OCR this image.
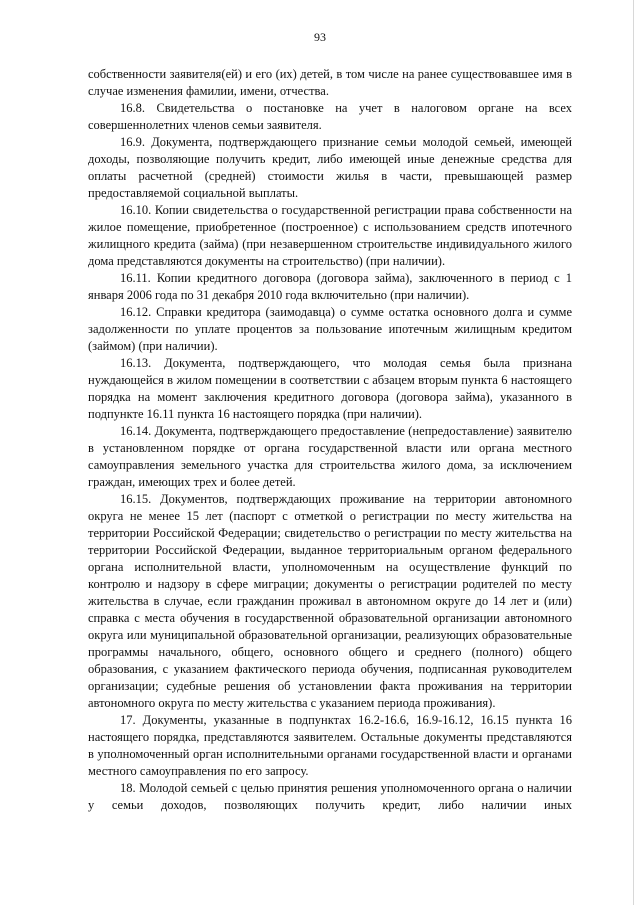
93

собственности заявителя(ей) и его (их) детей, в том числе на ранее существовавшее имя в случае изменения фамилии, имени, отчества.

16.8. Свидетельства о постановке на учет в налоговом органе на всех совершеннолетних членов семьи заявителя.

16.9. Документа, подтверждающего признание семьи молодой семьей, имеющей доходы, позволяющие получить кредит, либо имеющей иные денежные средства для оплаты расчетной (средней) стоимости жилья в части, превышающей размер предоставляемой социальной выплаты.

16.10. Копии свидетельства о государственной регистрации права собственности на жилое помещение, приобретенное (построенное) с использованием средств ипотечного жилищного кредита (займа) (при незавершенном строительстве индивидуального жилого дома представляются документы на строительство) (при наличии).

16.11. Копии кредитного договора (договора займа), заключенного в период с 1 января 2006 года по 31 декабря 2010 года включительно (при наличии).

16.12. Справки кредитора (заимодавца) о сумме остатка основного долга и сумме задолженности по уплате процентов за пользование ипотечным жилищным кредитом (займом) (при наличии).

16.13. Документа, подтверждающего, что молодая семья была признана нуждающейся в жилом помещении в соответствии с абзацем вторым пункта 6 настоящего порядка на момент заключения кредитного договора (договора займа), указанного в подпункте 16.11 пункта 16 настоящего порядка (при наличии).

16.14. Документа, подтверждающего предоставление (непредоставление) заявителю в установленном порядке от органа государственной власти или органа местного самоуправления земельного участка для строительства жилого дома, за исключением граждан, имеющих трех и более детей.

16.15. Документов, подтверждающих проживание на территории автономного округа не менее 15 лет (паспорт с отметкой о регистрации по месту жительства на территории Российской Федерации; свидетельство о регистрации по месту жительства на территории Российской Федерации, выданное территориальным органом федерального органа исполнительной власти, уполномоченным на осуществление функций по контролю и надзору в сфере миграции; документы о регистрации родителей по месту жительства в случае, если гражданин проживал в автономном округе до 14 лет и (или) справка с места обучения в государственной образовательной организации автономного округа или муниципальной образовательной организации, реализующих образовательные программы начального, общего, основного общего и среднего (полного) общего образования, с указанием фактического периода обучения, подписанная руководителем организации; судебные решения об установлении факта проживания на территории автономного округа по месту жительства с указанием периода проживания).

17. Документы, указанные в подпунктах 16.2-16.6, 16.9-16.12, 16.15 пункта 16 настоящего порядка, представляются заявителем. Остальные документы представляются в уполномоченный орган исполнительными органами государственной власти и органами местного самоуправления по его запросу.

18. Молодой семьей с целью принятия решения уполномоченного органа о наличии у семьи доходов, позволяющих получить кредит, либо наличии иных
